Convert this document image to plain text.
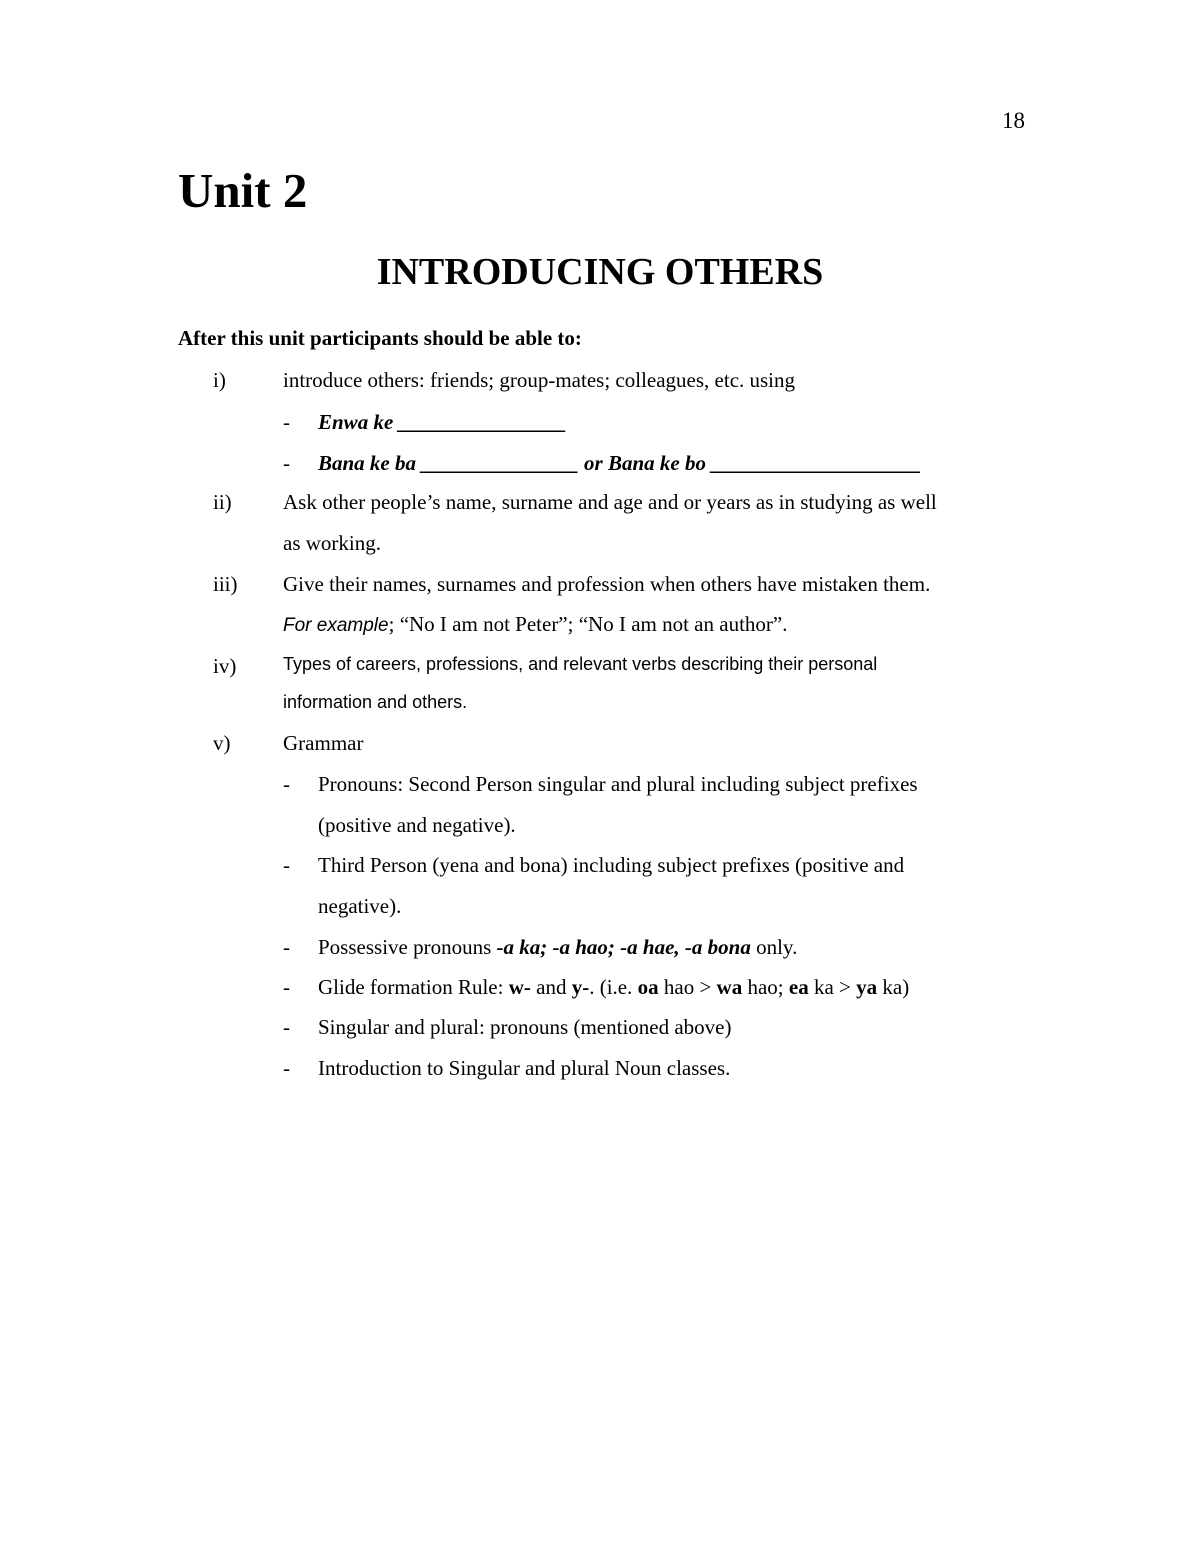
18
Unit 2
INTRODUCING OTHERS
After this unit participants should be able to:
i)	introduce others: friends; group-mates; colleagues, etc. using
- Enwa ke ________________
- Bana ke ba _______________ or Bana ke bo ____________________
ii) Ask other people’s name, surname and age and or years as in studying as well
as working.
iii) Give their names, surnames and profession when others have mistaken them.
For example; “No I am not Peter”; “No I am not an author”.
iv)	Types of careers, professions, and relevant verbs describing their personal
information and others.
v)	Grammar
- Pronouns: Second Person singular and plural including subject prefixes
(positive and negative).
- Third Person (yena and bona) including subject prefixes (positive and
negative).
- Possessive pronouns -a ka; -a hao; -a hae, -a bona only.
- Glide formation Rule: w- and y-. (i.e. oa hao > wa hao; ea ka > ya ka)
- Singular and plural: pronouns (mentioned above)
- Introduction to Singular and plural Noun classes.
